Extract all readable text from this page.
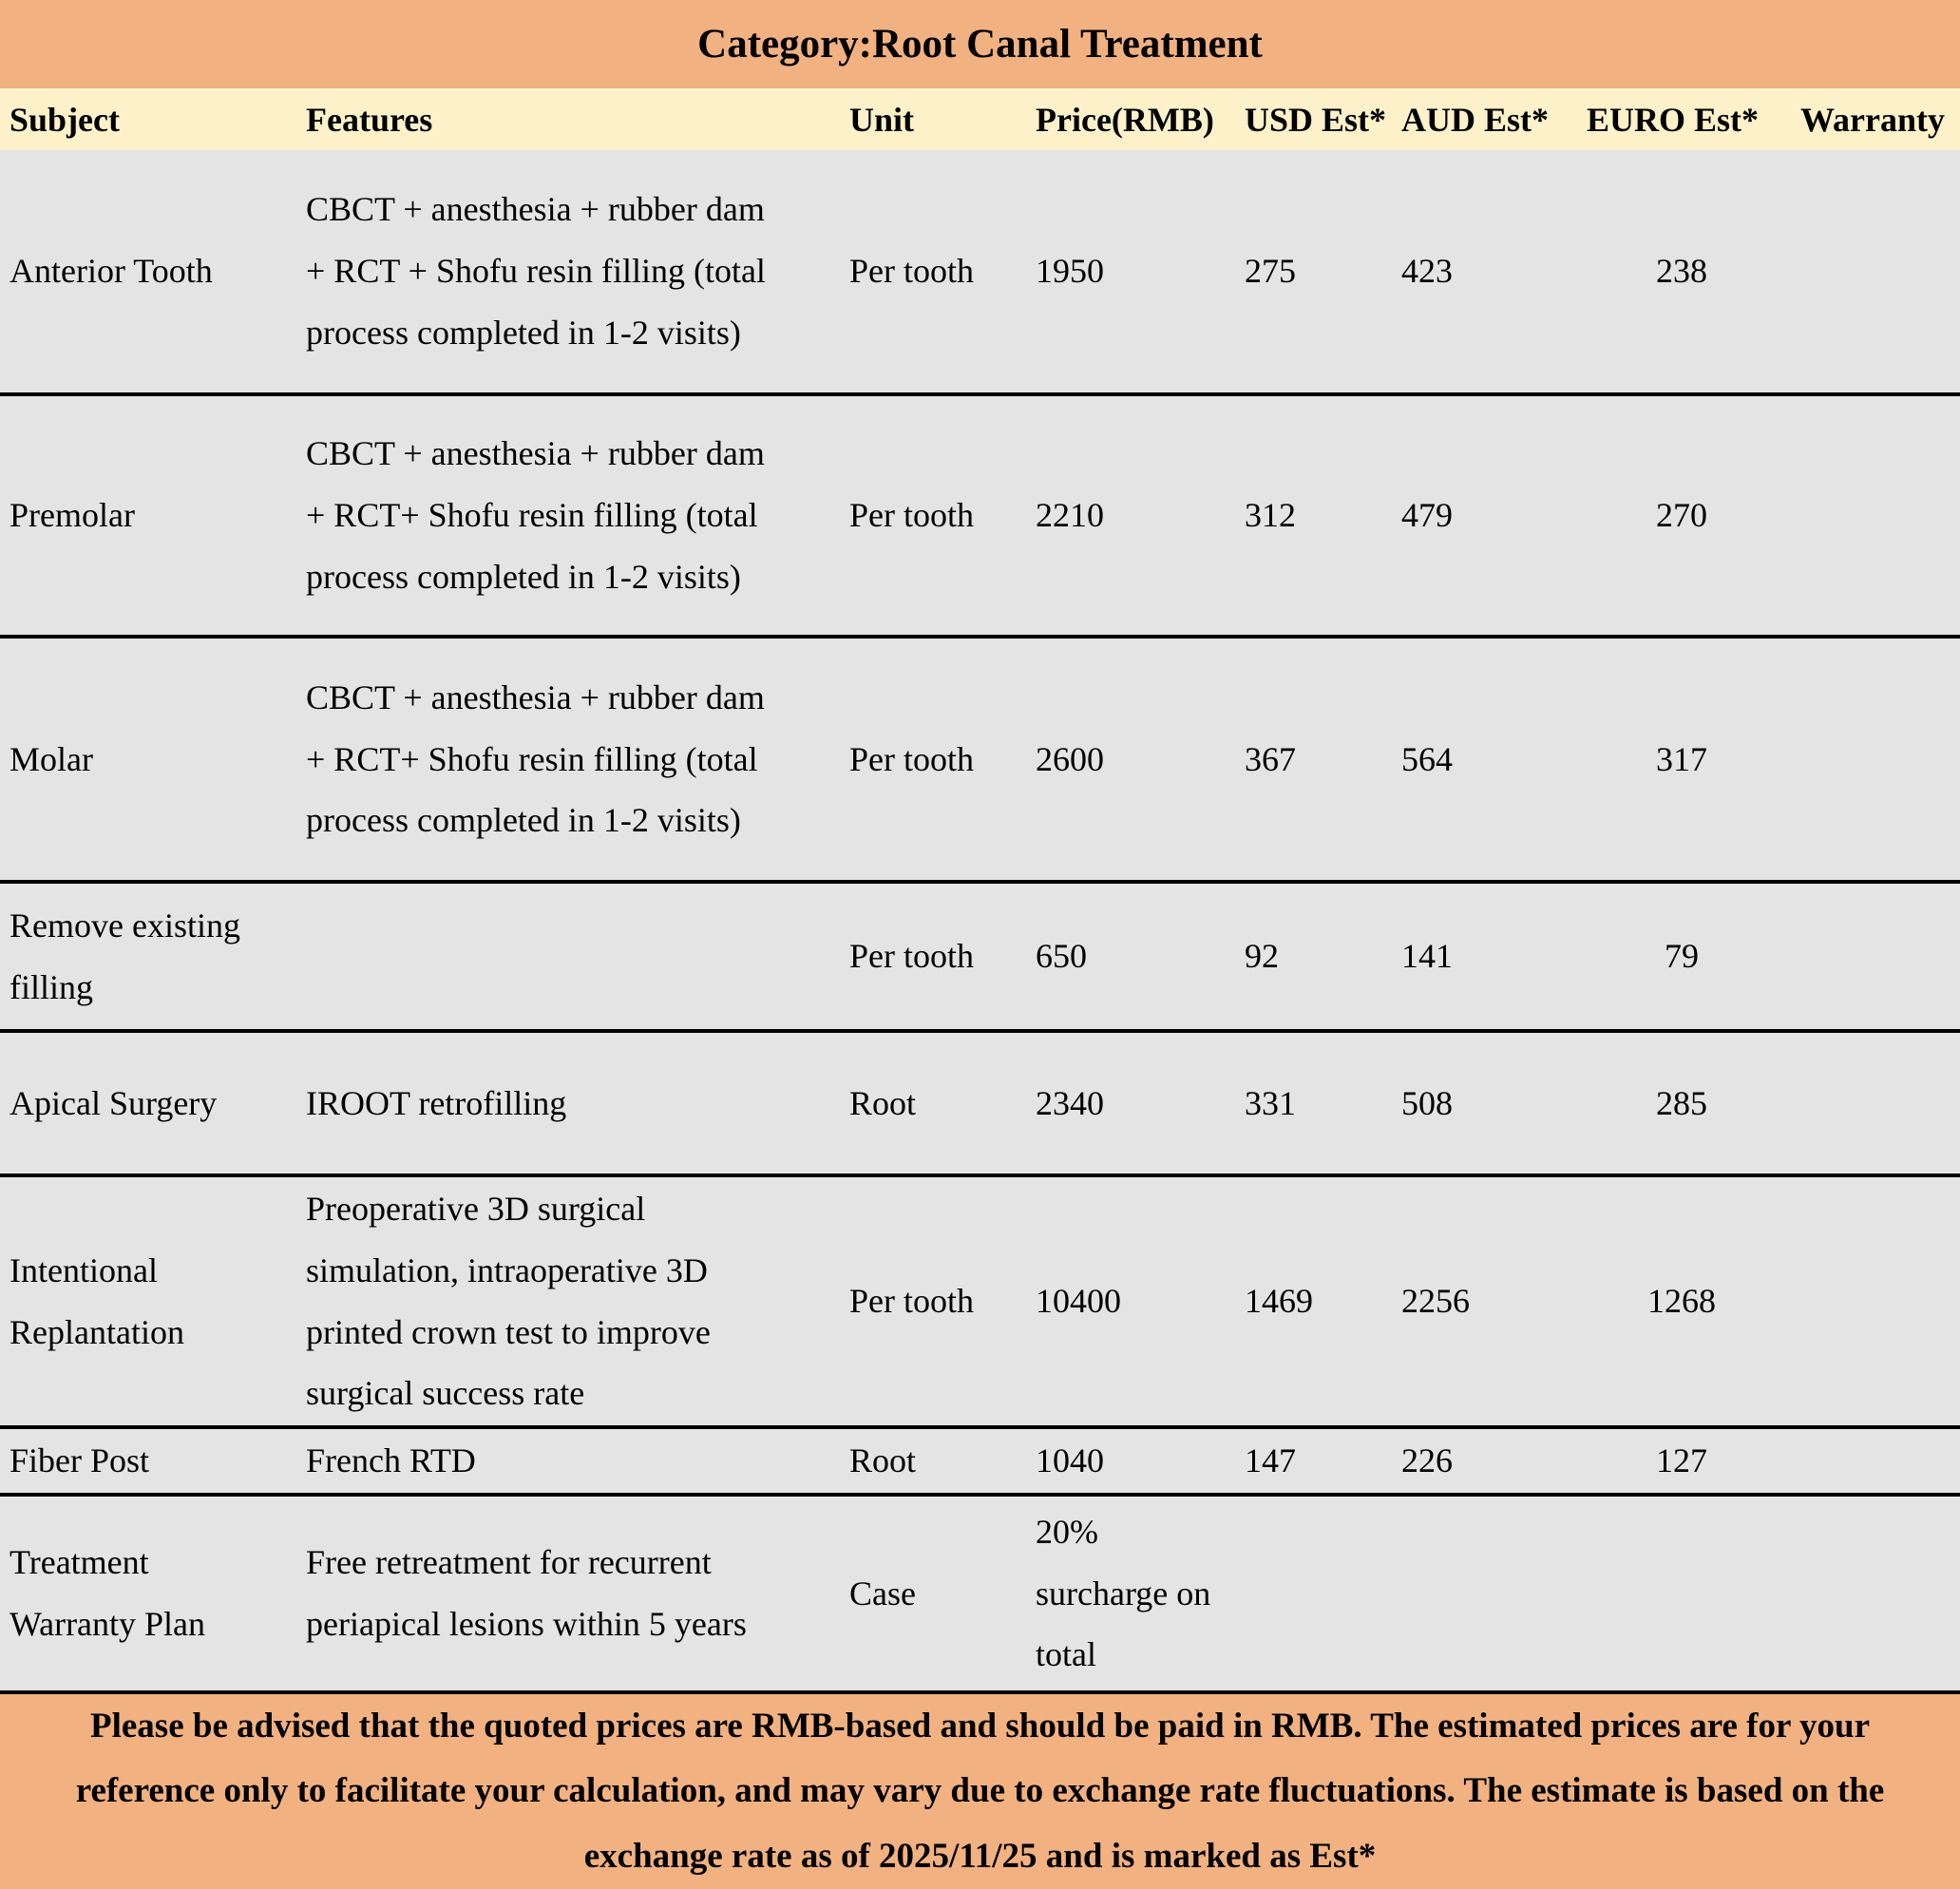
Category:Root Canal Treatment
Subject	Features	Unit	Price(RMB)	USD Est*	AUD Est*	EURO Est*	Warranty
Anterior Tooth	CBCT + anesthesia + rubber dam + RCT + Shofu resin filling (total process completed in 1-2 visits)	Per tooth	1950	275	423	238	
Premolar	CBCT + anesthesia + rubber dam + RCT+ Shofu resin filling (total process completed in 1-2 visits)	Per tooth	2210	312	479	270	
Molar	CBCT + anesthesia + rubber dam + RCT+ Shofu resin filling (total process completed in 1-2 visits)	Per tooth	2600	367	564	317	
Remove existing filling		Per tooth	650	92	141	79	
Apical Surgery	IROOT retrofilling	Root	2340	331	508	285	
Intentional Replantation	Preoperative 3D surgical simulation, intraoperative 3D printed crown test to improve surgical success rate	Per tooth	10400	1469	2256	1268	
Fiber Post	French RTD	Root	1040	147	226	127	
Treatment Warranty Plan	Free retreatment for recurrent periapical lesions within 5 years	Case	20% surcharge on total				
Please be advised that the quoted prices are RMB-based and should be paid in RMB. The estimated prices are for your reference only to facilitate your calculation, and may vary due to exchange rate fluctuations. The estimate is based on the exchange rate as of 2025/11/25 and is marked as Est*
